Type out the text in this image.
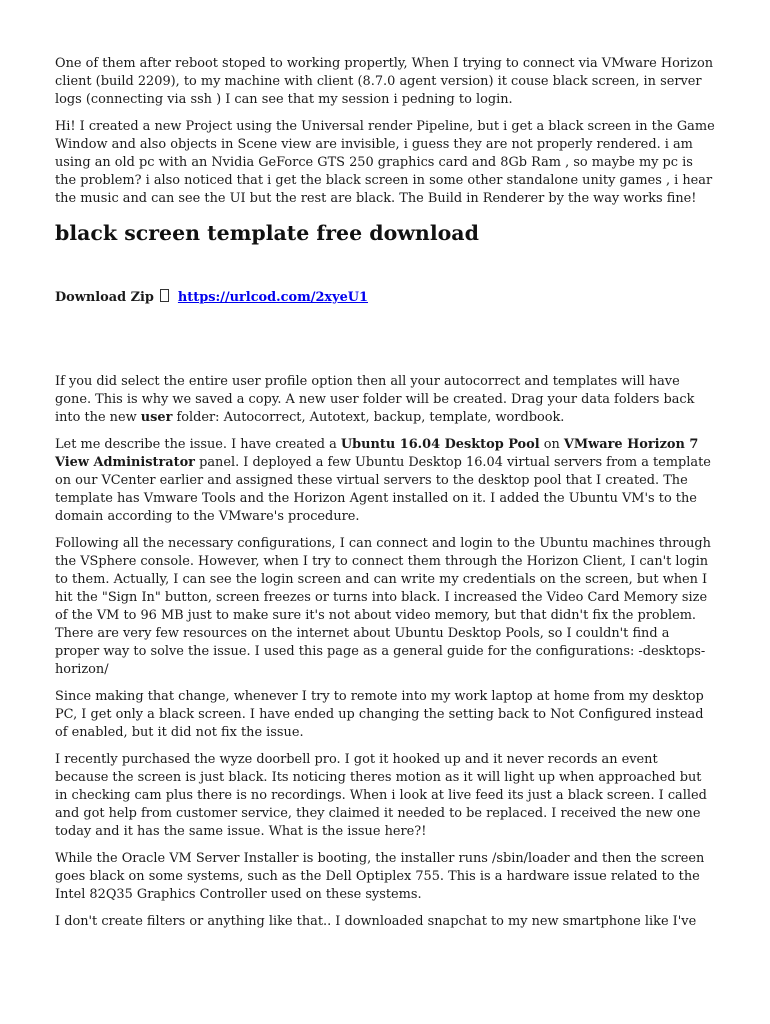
One of them after reboot stoped to working propertly, When I trying to connect via VMware Horizon client (build 2209), to my machine with client (8.7.0 agent version) it couse black screen, in server logs (connecting via ssh ) I can see that my session i pedning to login.

Hi! I created a new Project using the Universal render Pipeline, but i get a black screen in the Game Window and also objects in Scene view are invisible, i guess they are not properly rendered. i am using an old pc with an Nvidia GeForce GTS 250 graphics card and 8Gb Ram , so maybe my pc is the problem? i also noticed that i get the black screen in some other standalone unity games , i hear the music and can see the UI but the rest are black. The Build in Renderer by the way works fine!

black screen template free download
Download Zip https://urlcod.com/2xyeU1

If you did select the entire user profile option then all your autocorrect and templates will have gone. This is why we saved a copy. A new user folder will be created. Drag your data folders back into the new user folder: Autocorrect, Autotext, backup, template, wordbook.

Let me describe the issue. I have created a Ubuntu 16.04 Desktop Pool on VMware Horizon 7 View Administrator panel. I deployed a few Ubuntu Desktop 16.04 virtual servers from a template on our VCenter earlier and assigned these virtual servers to the desktop pool that I created. The template has Vmware Tools and the Horizon Agent installed on it. I added the Ubuntu VM's to the domain according to the VMware's procedure.

Following all the necessary configurations, I can connect and login to the Ubuntu machines through the VSphere console. However, when I try to connect them through the Horizon Client, I can't login to them. Actually, I can see the login screen and can write my credentials on the screen, but when I hit the "Sign In" button, screen freezes or turns into black. I increased the Video Card Memory size of the VM to 96 MB just to make sure it's not about video memory, but that didn't fix the problem. There are very few resources on the internet about Ubuntu Desktop Pools, so I couldn't find a proper way to solve the issue. I used this page as a general guide for the configurations: -desktops-horizon/

Since making that change, whenever I try to remote into my work laptop at home from my desktop PC, I get only a black screen. I have ended up changing the setting back to Not Configured instead of enabled, but it did not fix the issue.

I recently purchased the wyze doorbell pro. I got it hooked up and it never records an event because the screen is just black. Its noticing theres motion as it will light up when approached but in checking cam plus there is no recordings. When i look at live feed its just a black screen. I called and got help from customer service, they claimed it needed to be replaced. I received the new one today and it has the same issue. What is the issue here?!

While the Oracle VM Server Installer is booting, the installer runs /sbin/loader and then the screen goes black on some systems, such as the Dell Optiplex 755. This is a hardware issue related to the Intel 82Q35 Graphics Controller used on these systems.

I don't create filters or anything like that.. I downloaded snapchat to my new smartphone like I've
